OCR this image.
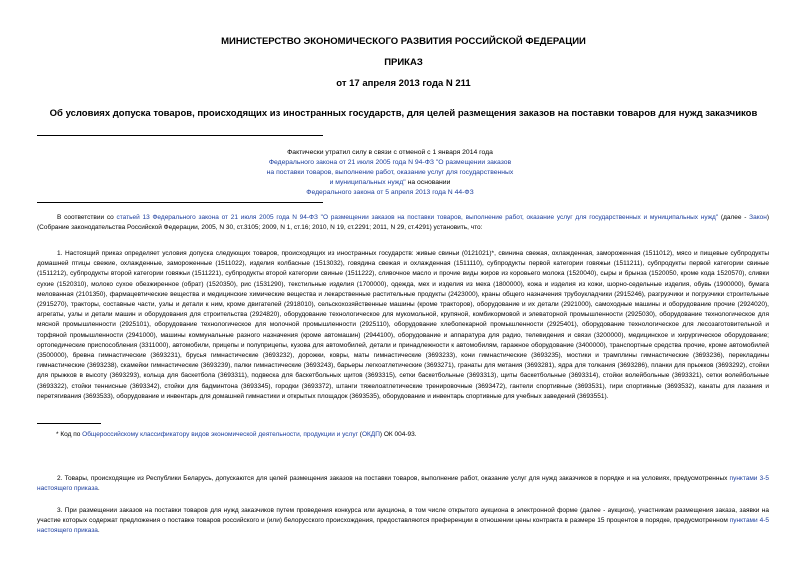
МИНИСТЕРСТВО ЭКОНОМИЧЕСКОГО РАЗВИТИЯ РОССИЙСКОЙ ФЕДЕРАЦИИ
ПРИКАЗ
от 17 апреля 2013 года N 211
Об условиях допуска товаров, происходящих из иностранных государств, для целей размещения заказов на поставки товаров для нужд заказчиков
Фактически утратил силу в связи с отменой с 1 января 2014 года
Федерального закона от 21 июля 2005 года N 94-ФЗ "О размещении заказов
на поставки товаров, выполнение работ, оказание услуг для государственных
и муниципальных нужд" на основании
Федерального закона от 5 апреля 2013 года N 44-ФЗ
В соответствии со статьей 13 Федерального закона от 21 июля 2005 года N 94-ФЗ "О размещении заказов на поставки товаров, выполнение работ, оказание услуг для государственных и муниципальных нужд" (далее - Закон) (Собрание законодательства Российской Федерации, 2005, N 30, ст.3105; 2009, N 1, ст.16; 2010, N 19, ст.2291; 2011, N 29, ст.4291) установить, что:
1. Настоящий приказ определяет условия допуска следующих товаров, происходящих из иностранных государств: живые свиньи (0121021)*, свинина свежая, охлажденная, замороженная (1511012), мясо и пищевые субпродукты домашней птицы свежие, охлажденные, замороженные (1511022), изделия колбасные (1513032), говядина свежая и охлажденная (1511110), субпродукты первой категории говяжьи (1511211), субпродукты первой категории свиные (1511212), субпродукты второй категории говяжьи (1511221), субпродукты второй категории свиные (1511222), сливочное масло и прочие виды жиров из коровьего молока (1520040), сыры и брынза (1520050, кроме кода 1520570), сливки сухие (1520310), молоко сухое обезжиренное (обрат) (1520350), рис (1531290), текстильные изделия (1700000), одежда, мех и изделия из меха (1800000), кожа и изделия из кожи, шорно-седельные изделия, обувь (1900000), бумага мелованная (2101350), фармацевтические вещества и медицинские химические вещества и лекарственные растительные продукты (2423000), краны общего назначения трубоукладчики (2915246), разгрузчики и погрузчики строительные (2915270), тракторы, составные части, узлы и детали к ним, кроме двигателей (2918010), сельскохозяйственные машины (кроме тракторов), оборудование и их детали (2921000), самоходные машины и оборудование прочие (2924020), агрегаты, узлы и детали машин и оборудования для строительства (2924820), оборудование технологическое для мукомольной, крупяной, комбикормовой и элеваторной промышленности (2925030), оборудование технологическое для мясной промышленности (2925101), оборудование технологическое для молочной промышленности (2925110), оборудование хлебопекарной промышленности (2925401), оборудование технологическое для лесозаготовительной и торфяной промышленности (2941000), машины коммунальные разного назначения (кроме автомашин) (2944100), оборудование и аппаратура для радио, телевидения и связи (3200000), медицинское и хирургическое оборудование; ортопедические приспособления (3311000), автомобили, прицепы и полуприцепы, кузова для автомобилей, детали и принадлежности к автомобилям, гаражное оборудование (3400000), транспортные средства прочие, кроме автомобилей (3500000), бревна гимнастические (3693231), брусья гимнастические (3693232), дорожки, ковры, маты гимнастические (3693233), кони гимнастические (3693235), мостики и трамплины гимнастические (3693236), перекладины гимнастические (3693238), скамейки гимнастические (3693239), палки гимнастические (3693243), барьеры легкоатлетические (3693271), гранаты для метания (3693281), ядра для толкания (3693286), планки для прыжков (3693292), стойки для прыжков в высоту (3693293), кольца для баскетбола (3693311), подвеска для баскетбольных щитов (3693315), сетки баскетбольные (3693313), щиты баскетбольные (3693314), стойки волейбольные (3693321), сетки волейбольные (3693322), стойки теннисные (3693342), стойки для бадминтона (3693345), городки (3693372), штанги тяжелоатлетические тренировочные (3693472), гантели спортивные (3693531), гири спортивные (3693532), канаты для лазания и перетягивания (3693533), оборудование и инвентарь для домашней гимнастики и открытых площадок (3693535), оборудование и инвентарь спортивные для учебных заведений (3693551).
* Код по Общероссийскому классификатору видов экономической деятельности, продукции и услуг (ОКДП) ОК 004-93.
2. Товары, происходящие из Республики Беларусь, допускаются для целей размещения заказов на поставки товаров, выполнение работ, оказание услуг для нужд заказчиков в порядке и на условиях, предусмотренных пунктами 3-5 настоящего приказа.
3. При размещении заказов на поставки товаров для нужд заказчиков путем проведения конкурса или аукциона, в том числе открытого аукциона в электронной форме (далее - аукцион), участникам размещения заказа, заявки на участие которых содержат предложения о поставке товаров российского и (или) белорусского происхождения, предоставляются преференции в отношении цены контракта в размере 15 процентов в порядке, предусмотренном пунктами 4-5 настоящего приказа.
